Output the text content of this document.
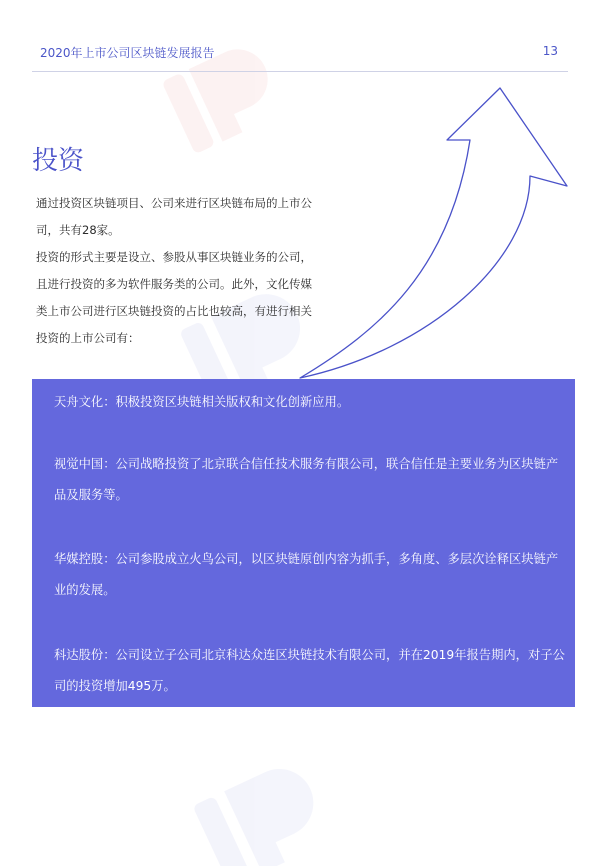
2020年上市公司区块链发展报告	13
投资

通过投资区块链项目、公司来进行区块链布局的上市公司，共有28家。

投资的形式主要是设立、参股从事区块链业务的公司，且进行投资的多为软件服务类的公司。此外，文化传媒类上市公司进行区块链投资的占比也较高，有进行相关投资的上市公司有：

天舟文化：积极投资区块链相关版权和文化创新应用。

视觉中国：公司战略投资了北京联合信任技术服务有限公司，联合信任是主要业务为区块链产品及服务等。

华媒控股：公司参股成立火鸟公司，以区块链原创内容为抓手，多角度、多层次诠释区块链产业的发展。

科达股份：公司设立子公司北京科达众连区块链技术有限公司，并在2019年报告期内，对子公司的投资增加495万。
